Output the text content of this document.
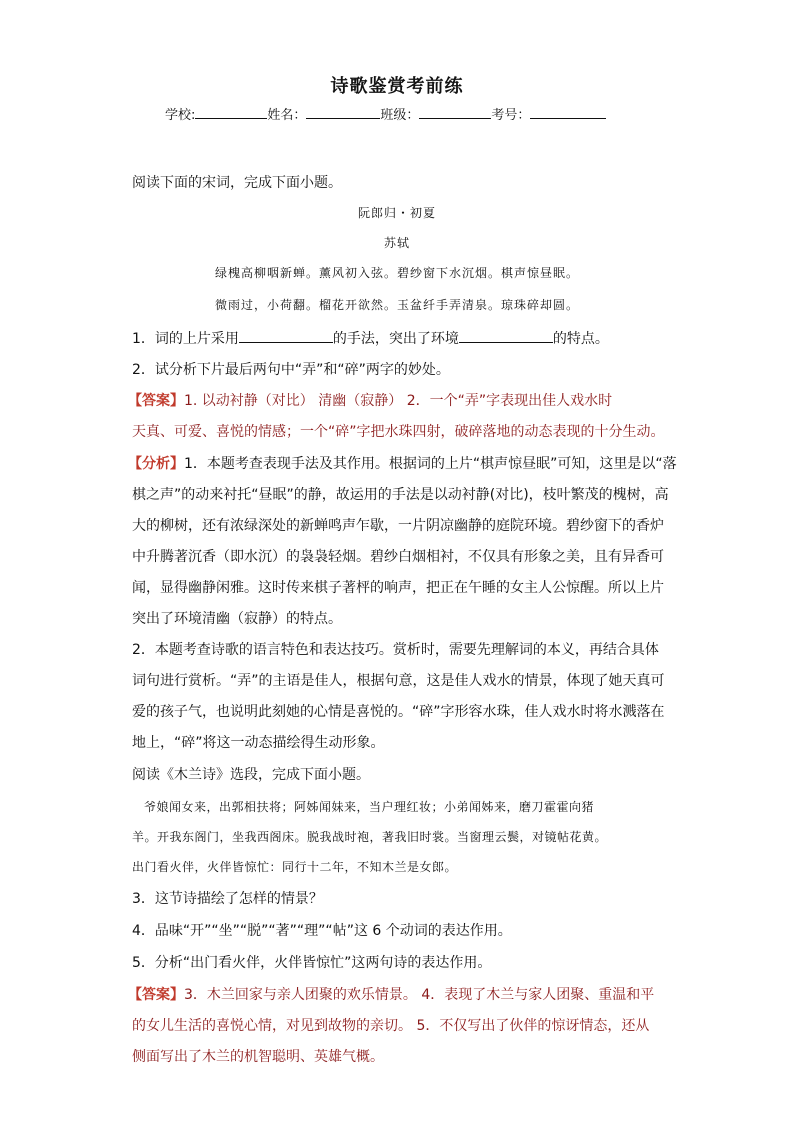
诗歌鉴赏考前练
学校:	姓名：	班级：	考号：
阅读下面的宋词，完成下面小题。
阮郎归・初夏
苏轼
绿槐高柳咽新蝉。薰风初入弦。碧纱窗下水沉烟。棋声惊昼眠。
微雨过，小荷翻。榴花开欲然。玉盆纤手弄清泉。琼珠碎却圆。
1．词的上片采用	的手法，突出了环境	的特点。
2．试分析下片最后两句中“弄”和“碎”两字的妙处。
【答案】1. 以动衬静（对比） 清幽（寂静） 2．一个“弄”字表现出佳人戏水时
天真、可爱、喜悦的情感；一个“碎”字把水珠四射，破碎落地的动态表现的十分生动。
【分析】1．本题考查表现手法及其作用。根据词的上片“棋声惊昼眠”可知，这里是以“落
棋之声”的动来衬托“昼眠”的静，故运用的手法是以动衬静(对比)，枝叶繁茂的槐树，高
大的柳树，还有浓绿深处的新蝉鸣声乍歇，一片阴凉幽静的庭院环境。碧纱窗下的香炉
中升腾著沉香（即水沉）的袅袅轻烟。碧纱白烟相衬，不仅具有形象之美，且有异香可
闻，显得幽静闲雅。这时传来棋子著枰的响声，把正在午睡的女主人公惊醒。所以上片
突出了环境清幽（寂静）的特点。
2．本题考查诗歌的语言特色和表达技巧。赏析时，需要先理解词的本义，再结合具体
词句进行赏析。“弄”的主语是佳人，根据句意，这是佳人戏水的情景，体现了她天真可
爱的孩子气，也说明此刻她的心情是喜悦的。“碎”字形容水珠，佳人戏水时将水溅落在
地上，“碎”将这一动态描绘得生动形象。
阅读《木兰诗》选段，完成下面小题。
爷娘闻女来，出郭相扶将；阿姊闻妹来，当户理红妆；小弟闻姊来，磨刀霍霍向猪
羊。开我东阁门，坐我西阁床。脱我战时袍，著我旧时裳。当窗理云鬓，对镜帖花黄。
出门看火伴，火伴皆惊忙：同行十二年，不知木兰是女郎。
3．这节诗描绘了怎样的情景？
4．品味“开”“坐”“脱”“著”“理”“帖”这 6 个动词的表达作用。
5．分析“出门看火伴，火伴皆惊忙”这两句诗的表达作用。
【答案】3．木兰回家与亲人团聚的欢乐情景。 4．表现了木兰与家人团聚、重温和平
的女儿生活的喜悦心情，对见到故物的亲切。 5．不仅写出了伙伴的惊讶情态，还从
侧面写出了木兰的机智聪明、英雄气概。
